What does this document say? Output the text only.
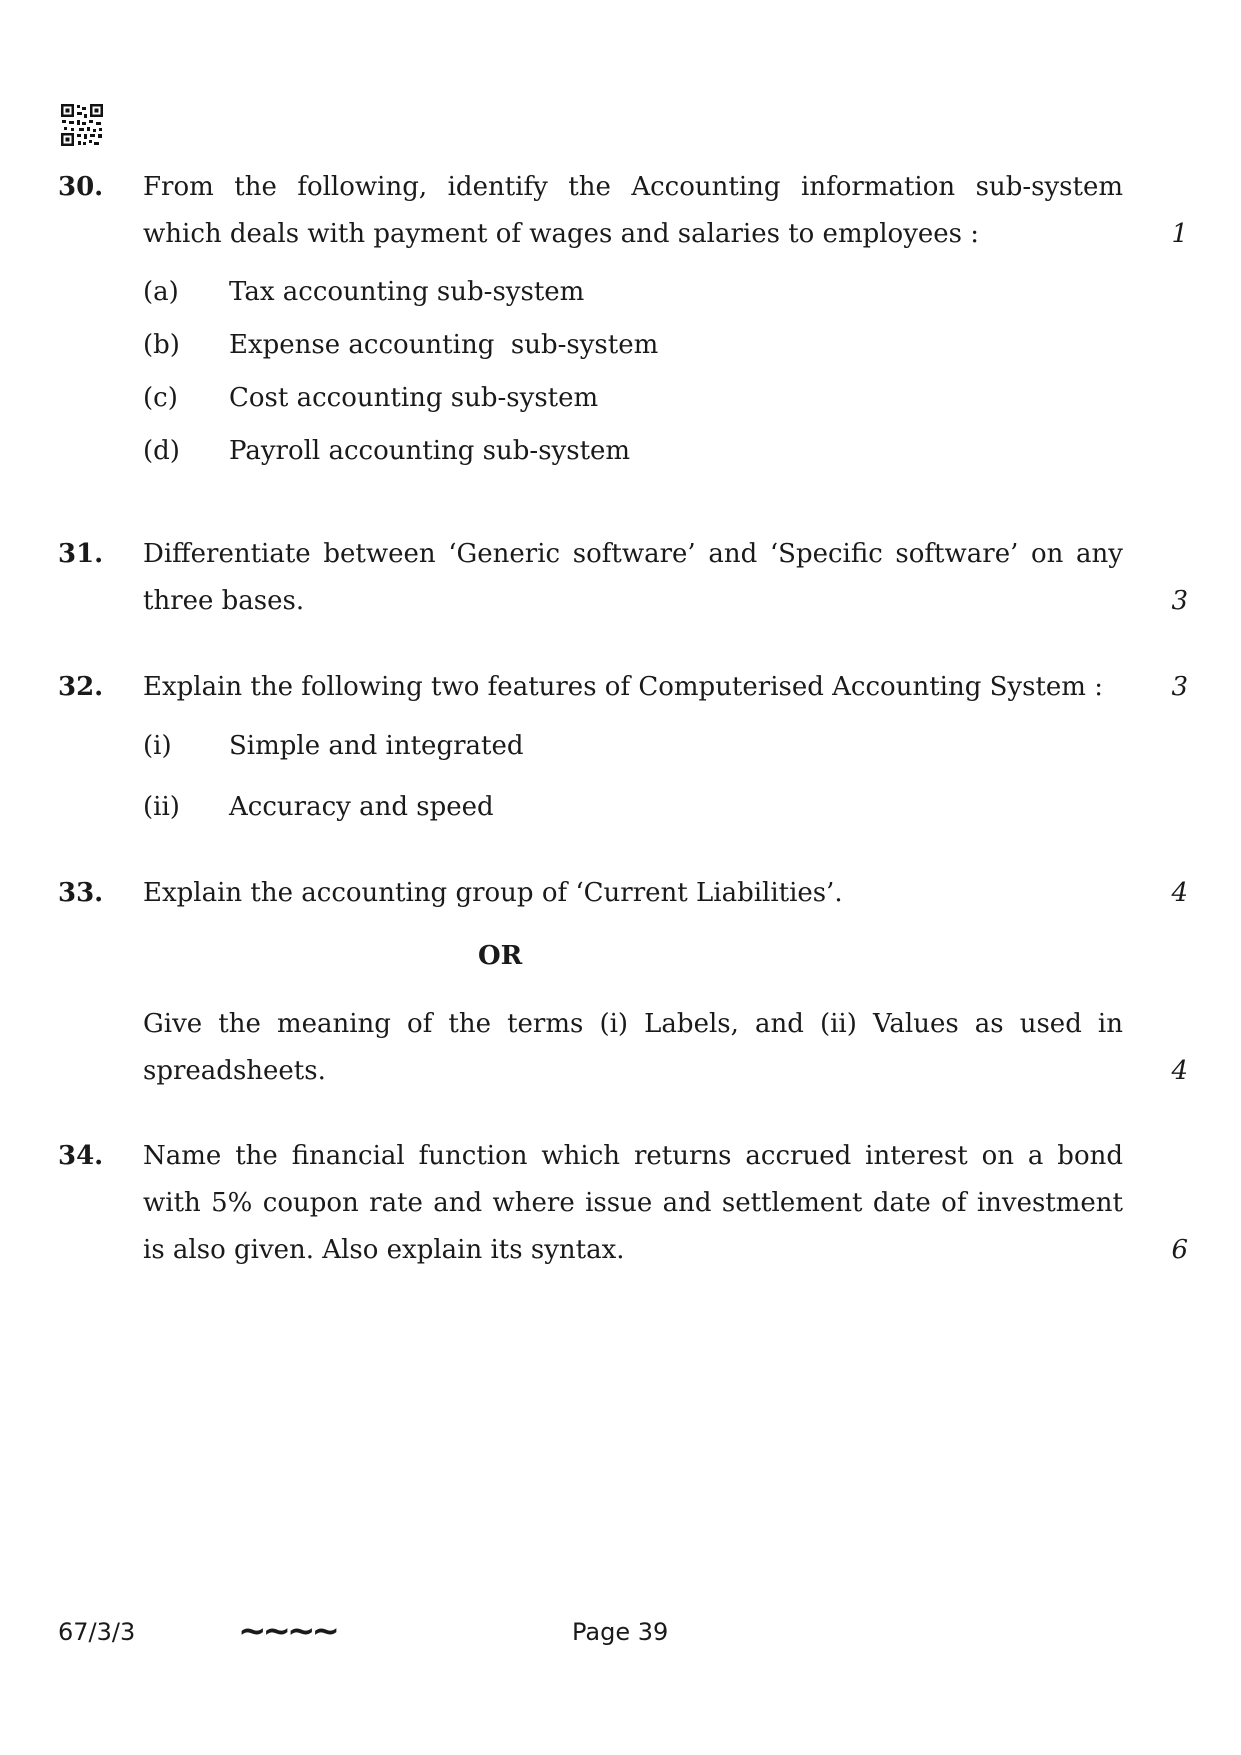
30. From the following, identify the Accounting information sub-system
which deals with payment of wages and salaries to employees :	1
(a) Tax accounting sub-system
(b) Expense accounting  sub-system
(c) Cost accounting sub-system
(d) Payroll accounting sub-system
31. Differentiate between ‘Generic software’ and ‘Specific software’ on any
three bases.	3
32. Explain the following two features of Computerised Accounting System :	3
(i) Simple and integrated
(ii) Accuracy and speed
33. Explain the accounting group of ‘Current Liabilities’.	4
OR
Give the meaning of the terms (i) Labels, and (ii) Values as used in
spreadsheets.	4
34. Name the financial function which returns accrued interest on a bond
with 5% coupon rate and where issue and settlement date of investment
is also given. Also explain its syntax.	6
67/3/3	~~~~	Page 39
